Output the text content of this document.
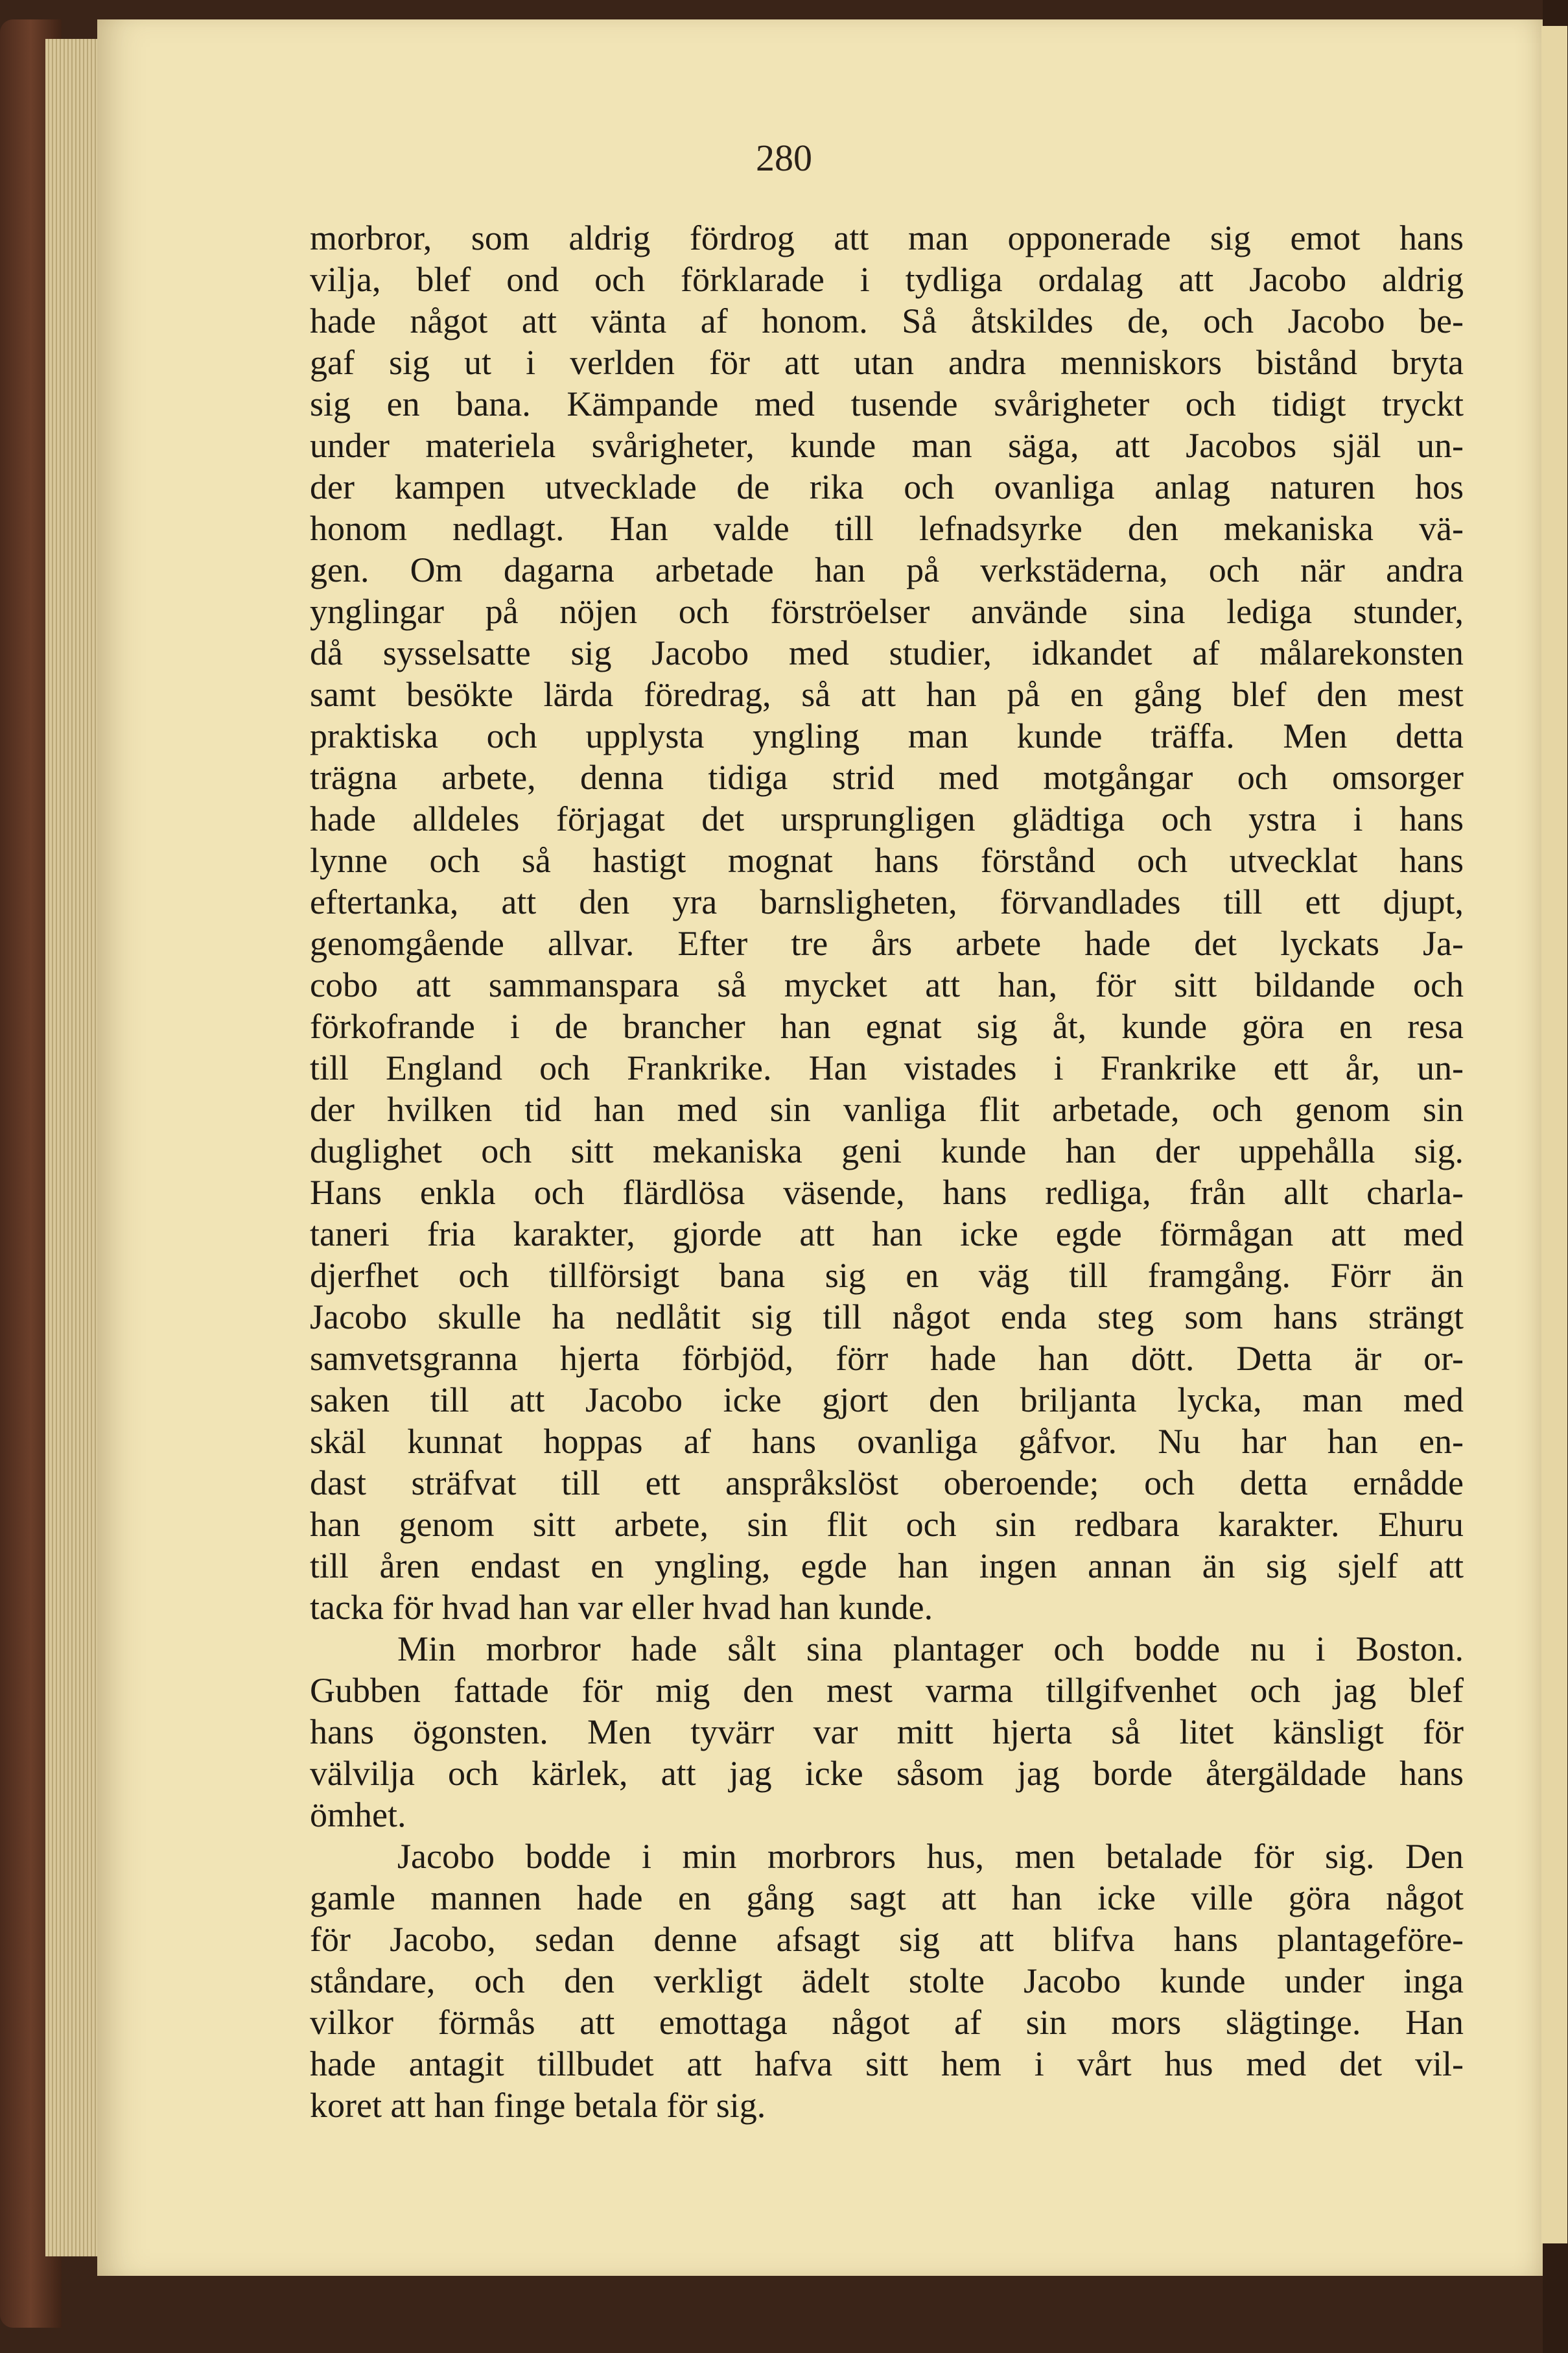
280
morbror, som aldrig fördrog att man opponerade sig emot hans
vilja, blef ond och förklarade i tydliga ordalag att Jacobo aldrig
hade något att vänta af honom. Så åtskildes de, och Jacobo be-
gaf sig ut i verlden för att utan andra menniskors bistånd bryta
sig en bana. Kämpande med tusende svårigheter och tidigt tryckt
under materiela svårigheter, kunde man säga, att Jacobos själ un-
der kampen utvecklade de rika och ovanliga anlag naturen hos
honom nedlagt. Han valde till lefnadsyrke den mekaniska vä-
gen. Om dagarna arbetade han på verkstäderna, och när andra
ynglingar på nöjen och förströelser använde sina lediga stunder,
då sysselsatte sig Jacobo med studier, idkandet af målarekonsten
samt besökte lärda föredrag, så att han på en gång blef den mest
praktiska och upplysta yngling man kunde träffa. Men detta
trägna arbete, denna tidiga strid med motgångar och omsorger
hade alldeles förjagat det ursprungligen glädtiga och ystra i hans
lynne och så hastigt mognat hans förstånd och utvecklat hans
eftertanka, att den yra barnsligheten, förvandlades till ett djupt,
genomgående allvar. Efter tre års arbete hade det lyckats Ja-
cobo att sammanspara så mycket att han, för sitt bildande och
förkofrande i de brancher han egnat sig åt, kunde göra en resa
till England och Frankrike. Han vistades i Frankrike ett år, un-
der hvilken tid han med sin vanliga flit arbetade, och genom sin
duglighet och sitt mekaniska geni kunde han der uppehålla sig.
Hans enkla och flärdlösa väsende, hans redliga, från allt charla-
taneri fria karakter, gjorde att han icke egde förmågan att med
djerfhet och tillförsigt bana sig en väg till framgång. Förr än
Jacobo skulle ha nedlåtit sig till något enda steg som hans strängt
samvetsgranna hjerta förbjöd, förr hade han dött. Detta är or-
saken till att Jacobo icke gjort den briljanta lycka, man med
skäl kunnat hoppas af hans ovanliga gåfvor. Nu har han en-
dast sträfvat till ett anspråkslöst oberoende; och detta ernådde
han genom sitt arbete, sin flit och sin redbara karakter. Ehuru
till åren endast en yngling, egde han ingen annan än sig sjelf att
tacka för hvad han var eller hvad han kunde.
Min morbror hade sålt sina plantager och bodde nu i Boston.
Gubben fattade för mig den mest varma tillgifvenhet och jag blef
hans ögonsten. Men tyvärr var mitt hjerta så litet känsligt för
välvilja och kärlek, att jag icke såsom jag borde återgäldade hans
ömhet.
Jacobo bodde i min morbrors hus, men betalade för sig. Den
gamle mannen hade en gång sagt att han icke ville göra något
för Jacobo, sedan denne afsagt sig att blifva hans plantageföre-
ståndare, och den verkligt ädelt stolte Jacobo kunde under inga
vilkor förmås att emottaga något af sin mors slägtinge. Han
hade antagit tillbudet att hafva sitt hem i vårt hus med det vil-
koret att han finge betala för sig.
